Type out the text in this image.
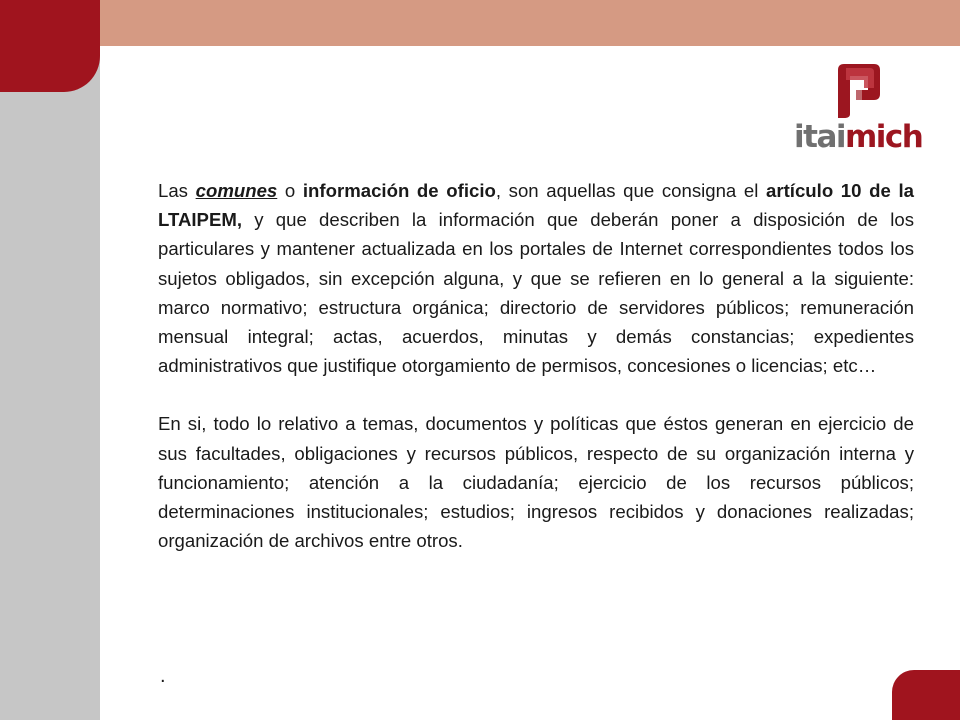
itaimich

Las comunes o información de oficio, son aquellas que consigna el artículo 10 de la LTAIPEM, y que describen la información que deberán poner a disposición de los particulares y mantener actualizada en los portales de Internet correspondientes todos los sujetos obligados, sin excepción alguna, y que se refieren en lo general a la siguiente: marco normativo; estructura orgánica; directorio de servidores públicos; remuneración mensual integral; actas, acuerdos, minutas y demás constancias; expedientes administrativos que justifique otorgamiento de permisos, concesiones o licencias; etc…

En si, todo lo relativo a temas, documentos y políticas que éstos generan en ejercicio de sus facultades, obligaciones y recursos públicos, respecto de su organización interna y funcionamiento; atención a la ciudadanía; ejercicio de los recursos públicos; determinaciones institucionales; estudios; ingresos recibidos y donaciones realizadas; organización de archivos entre otros.

.
